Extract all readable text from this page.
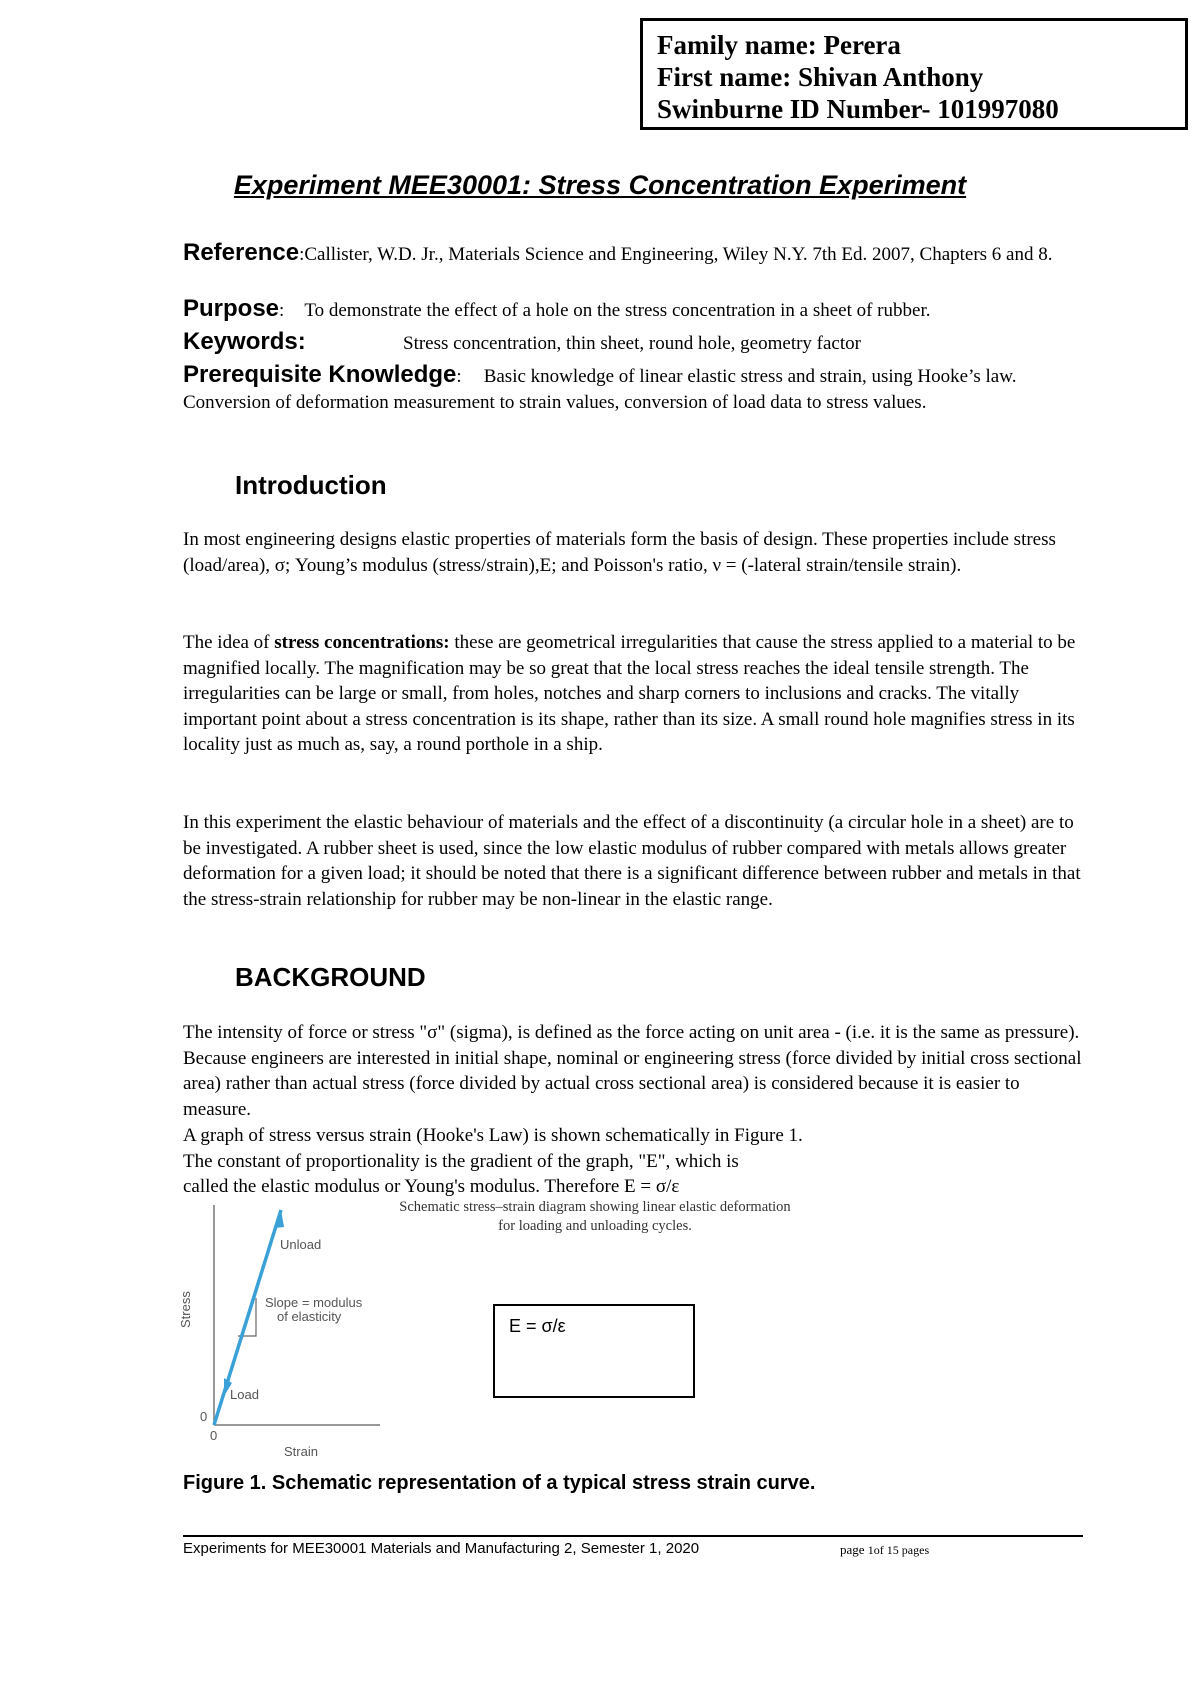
Family name: Perera
First name: Shivan Anthony
Swinburne ID Number- 101997080
Experiment MEE30001: Stress Concentration Experiment
Reference:Callister, W.D. Jr., Materials Science and Engineering, Wiley N.Y. 7th Ed. 2007, Chapters 6 and 8.
Purpose: To demonstrate the effect of a hole on the stress concentration in a sheet of rubber.
Keywords:	Stress concentration, thin sheet, round hole, geometry factor
Prerequisite Knowledge: Basic knowledge of linear elastic stress and strain, using Hooke’s law. Conversion of deformation measurement to strain values, conversion of load data to stress values.
Introduction

In most engineering designs elastic properties of materials form the basis of design. These properties include stress (load/area), σ; Young’s modulus (stress/strain),E; and Poisson's ratio, ν = (-lateral strain/tensile strain).

The idea of stress concentrations: these are geometrical irregularities that cause the stress applied to a material to be magnified locally. The magnification may be so great that the local stress reaches the ideal tensile strength. The irregularities can be large or small, from holes, notches and sharp corners to inclusions and cracks. The vitally important point about a stress concentration is its shape, rather than its size. A small round hole magnifies stress in its locality just as much as, say, a round porthole in a ship.

In this experiment the elastic behaviour of materials and the effect of a discontinuity (a circular hole in a sheet) are to be investigated. A rubber sheet is used, since the low elastic modulus of rubber compared with metals allows greater deformation for a given load; it should be noted that there is a significant difference between rubber and metals in that the stress-strain relationship for rubber may be non-linear in the elastic range.

BACKGROUND

The intensity of force or stress "σ" (sigma), is defined as the force acting on unit area - (i.e. it is the same as pressure). Because engineers are interested in initial shape, nominal or engineering stress (force divided by initial cross sectional area) rather than actual stress (force divided by actual cross sectional area) is considered because it is easier to measure.

A graph of stress versus strain (Hooke's Law) is shown schematically in Figure 1.

The constant of proportionality is the gradient of the graph, "E", which is

called the elastic modulus or Young's modulus. Therefore E = σ/ε

Schematic stress–strain diagram showing linear elastic deformation for loading and unloading cycles.
Unload
Slope = modulus
of elasticity
Stress
Load
0
0
Strain
E = σ/ε
Figure 1. Schematic representation of a typical stress strain curve.
Experiments for MEE30001 Materials and Manufacturing 2, Semester 1, 2020	page 1of 15 pages
